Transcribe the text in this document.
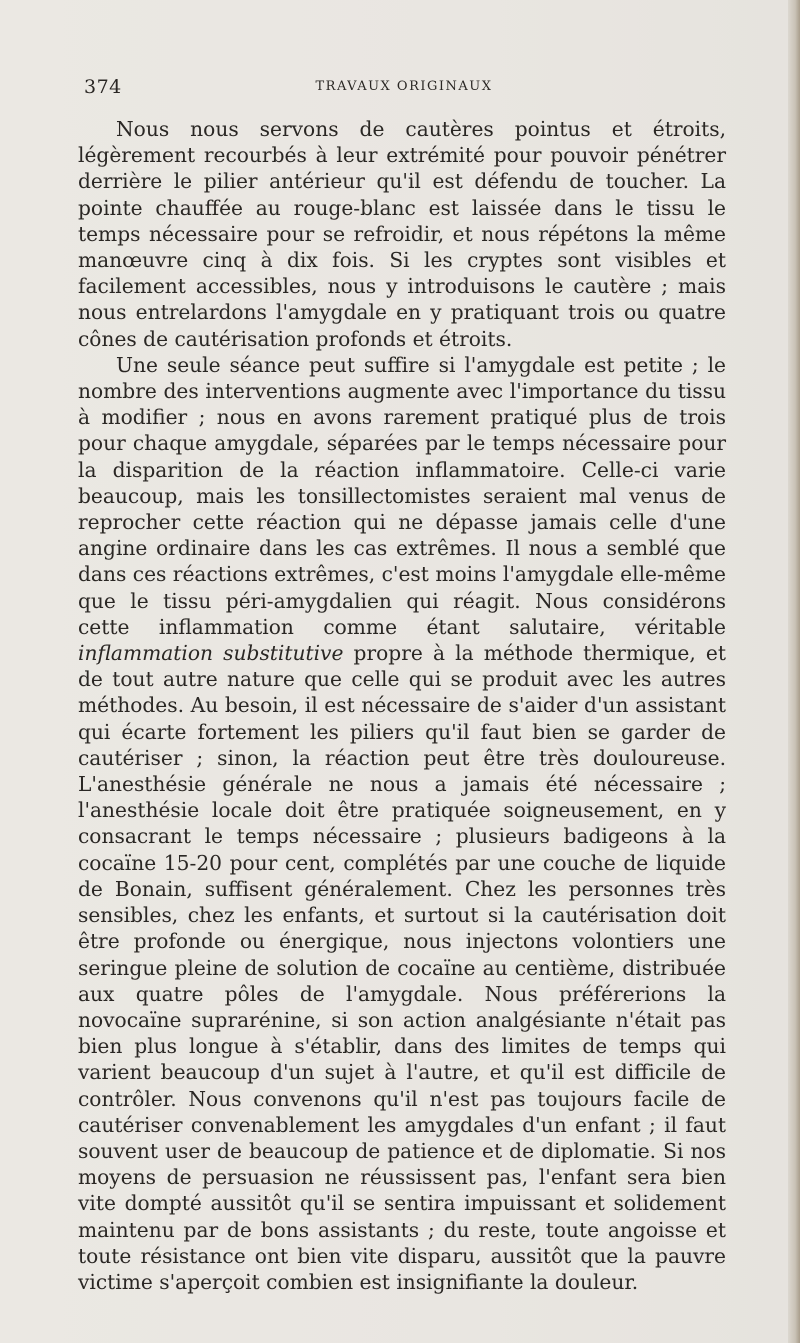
374	TRAVAUX ORIGINAUX

Nous nous servons de cautères pointus et étroits, légèrement recourbés à leur extrémité pour pouvoir pénétrer derrière le pilier antérieur qu'il est défendu de toucher. La pointe chauffée au rouge-blanc est laissée dans le tissu le temps nécessaire pour se refroidir, et nous répétons la même manœuvre cinq à dix fois. Si les cryptes sont visibles et facilement accessibles, nous y introduisons le cautère ; mais nous entrelardons l'amygdale en y pratiquant trois ou quatre cônes de cautérisation profonds et étroits.

Une seule séance peut suffire si l'amygdale est petite ; le nombre des interventions augmente avec l'importance du tissu à modifier ; nous en avons rarement pratiqué plus de trois pour chaque amygdale, séparées par le temps nécessaire pour la disparition de la réaction inflammatoire. Celle-ci varie beaucoup, mais les tonsillectomistes seraient mal venus de reprocher cette réaction qui ne dépasse jamais celle d'une angine ordinaire dans les cas extrêmes. Il nous a semblé que dans ces réactions extrêmes, c'est moins l'amygdale elle-même que le tissu péri-amygdalien qui réagit. Nous considérons cette inflammation comme étant salutaire, véritable inflammation substitutive propre à la méthode thermique, et de tout autre nature que celle qui se produit avec les autres méthodes. Au besoin, il est nécessaire de s'aider d'un assistant qui écarte fortement les piliers qu'il faut bien se garder de cautériser ; sinon, la réaction peut être très douloureuse. L'anesthésie générale ne nous a jamais été nécessaire ; l'anesthésie locale doit être pratiquée soigneusement, en y consacrant le temps nécessaire ; plusieurs badigeons à la cocaïne 15-20 pour cent, complétés par une couche de liquide de Bonain, suffisent généralement. Chez les personnes très sensibles, chez les enfants, et surtout si la cautérisation doit être profonde ou énergique, nous injectons volontiers une seringue pleine de solution de cocaïne au centième, distribuée aux quatre pôles de l'amygdale. Nous préférerions la novocaïne suprarénine, si son action analgésiante n'était pas bien plus longue à s'établir, dans des limites de temps qui varient beaucoup d'un sujet à l'autre, et qu'il est difficile de contrôler. Nous convenons qu'il n'est pas toujours facile de cautériser convenablement les amygdales d'un enfant ; il faut souvent user de beaucoup de patience et de diplomatie. Si nos moyens de persuasion ne réussissent pas, l'enfant sera bien vite dompté aussitôt qu'il se sentira impuissant et solidement maintenu par de bons assistants ; du reste, toute angoisse et toute résistance ont bien vite disparu, aussitôt que la pauvre victime s'aperçoit combien est insignifiante la douleur.
